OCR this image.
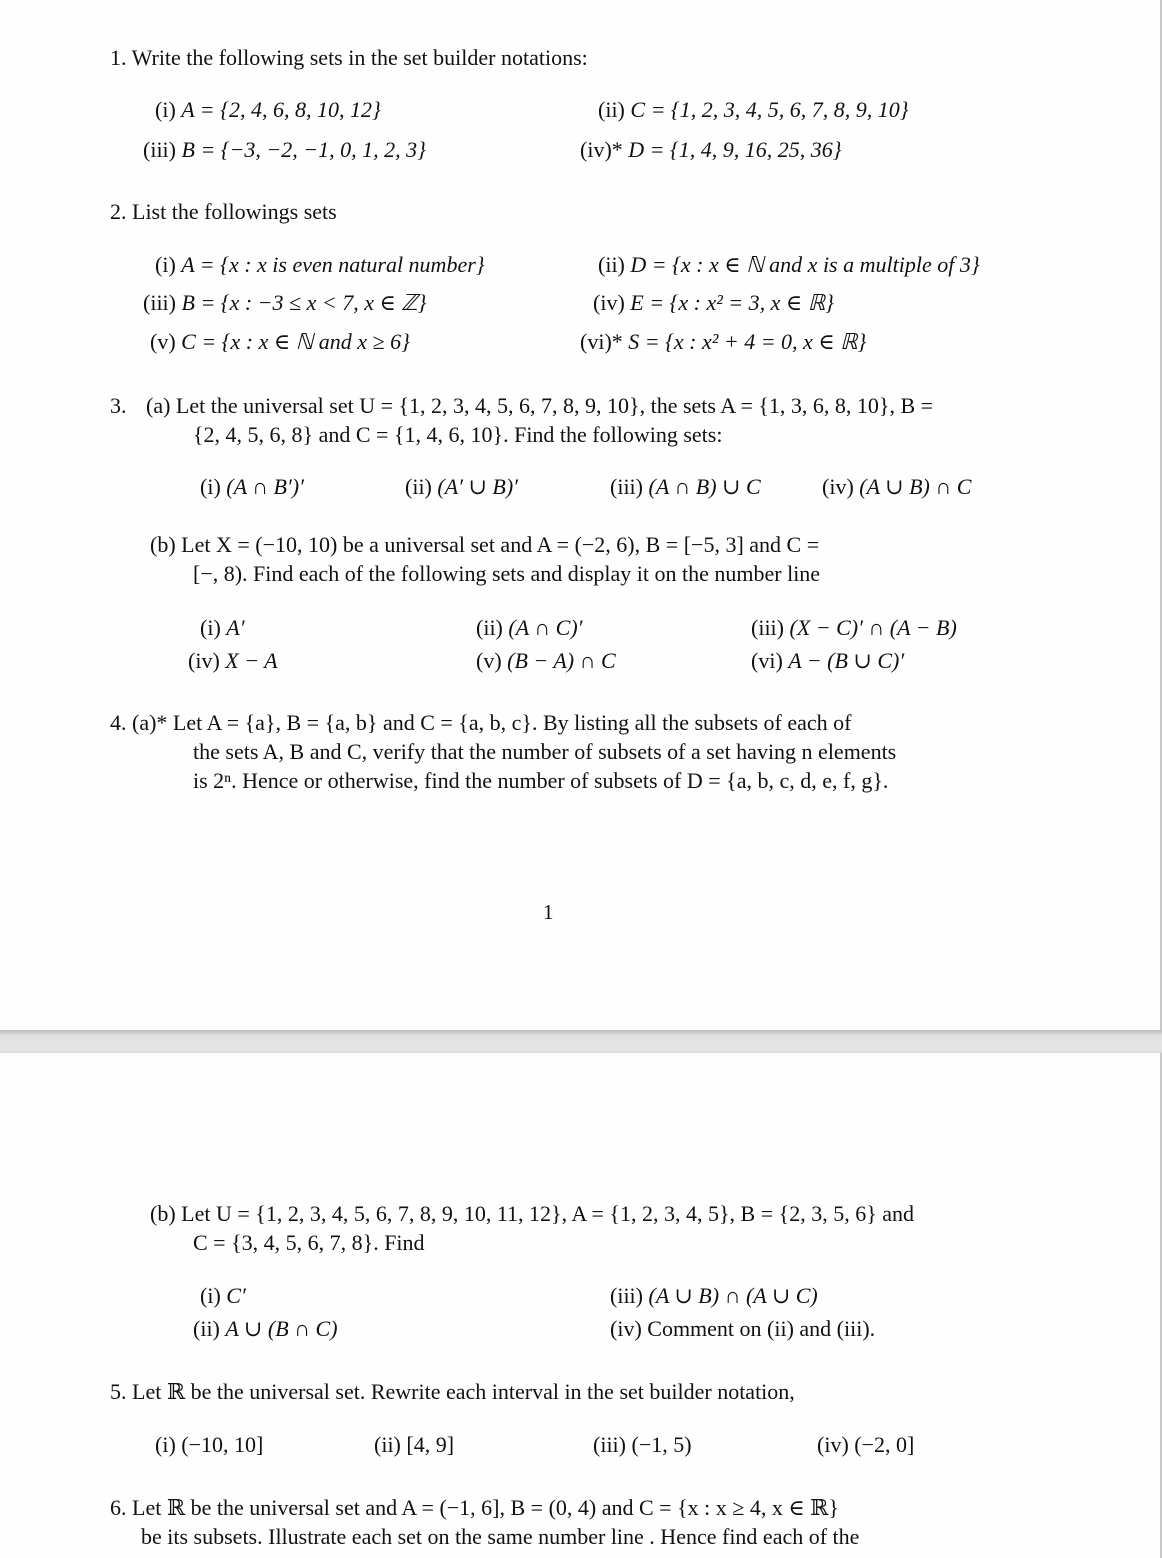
1. Write the following sets in the set builder notations:
(i) A = {2, 4, 6, 8, 10, 12}	(ii) C = {1, 2, 3, 4, 5, 6, 7, 8, 9, 10}
(iii) B = {−3, −2, −1, 0, 1, 2, 3}	(iv)* D = {1, 4, 9, 16, 25, 36}
2. List the followings sets
(i) A = {x : x is even natural number}	(ii) D = {x : x ∈ ℕ and x is a multiple of 3}
(iii) B = {x : −3 ≤ x < 7, x ∈ ℤ}	(iv) E = {x : x² = 3, x ∈ ℝ}
(v) C = {x : x ∈ ℕ and x ≥ 6}	(vi)* S = {x : x² + 4 = 0, x ∈ ℝ}
3. (a) Let the universal set U = {1, 2, 3, 4, 5, 6, 7, 8, 9, 10}, the sets A = {1, 3, 6, 8, 10}, B =
{2, 4, 5, 6, 8} and C = {1, 4, 6, 10}. Find the following sets:
(i) (A ∩ B′)′	(ii) (A′ ∪ B)′	(iii) (A ∩ B) ∪ C	(iv) (A ∪ B) ∩ C
(b) Let X = (−10, 10) be a universal set and A = (−2, 6), B = [−5, 3] and C =
[−, 8). Find each of the following sets and display it on the number line
(i) A′	(ii) (A ∩ C)′	(iii) (X − C)′ ∩ (A − B)
(iv) X − A	(v) (B − A) ∩ C	(vi) A − (B ∪ C)′
4. (a)* Let A = {a}, B = {a, b} and C = {a, b, c}. By listing all the subsets of each of
the sets A, B and C, verify that the number of subsets of a set having n elements
is 2ⁿ. Hence or otherwise, find the number of subsets of D = {a, b, c, d, e, f, g}.
1
(b) Let U = {1, 2, 3, 4, 5, 6, 7, 8, 9, 10, 11, 12}, A = {1, 2, 3, 4, 5}, B = {2, 3, 5, 6} and
C = {3, 4, 5, 6, 7, 8}. Find
(i) C′	(iii) (A ∪ B) ∩ (A ∪ C)
(ii) A ∪ (B ∩ C)	(iv) Comment on (ii) and (iii).
5. Let ℝ be the universal set. Rewrite each interval in the set builder notation,
(i) (−10, 10]	(ii) [4, 9]	(iii) (−1, 5)	(iv) (−2, 0]
6. Let ℝ be the universal set and A = (−1, 6], B = (0, 4) and C = {x : x ≥ 4, x ∈ ℝ}
be its subsets. Illustrate each set on the same number line . Hence find each of the
